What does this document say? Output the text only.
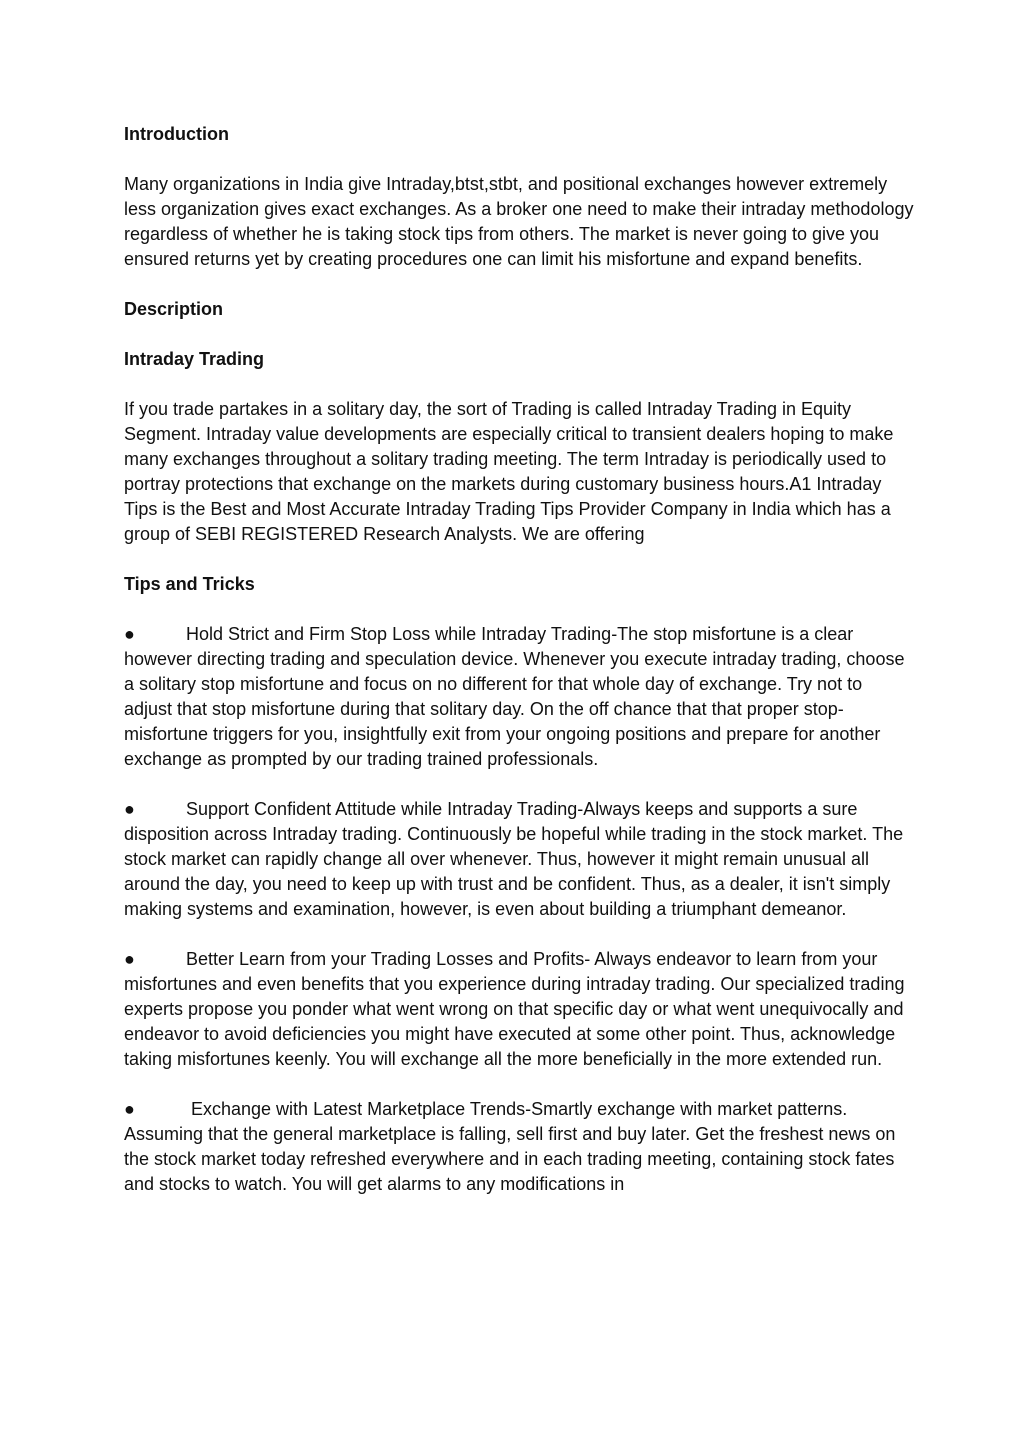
Introduction

Many organizations in India give Intraday,btst,stbt, and positional exchanges however extremely less organization gives exact exchanges. As a broker one need to make their intraday methodology regardless of whether he is taking stock tips from others. The market is never going to give you ensured returns yet by creating procedures one can limit his misfortune and expand benefits.

Description

Intraday Trading

If you trade partakes in a solitary day, the sort of Trading is called Intraday Trading in Equity Segment. Intraday value developments are especially critical to transient dealers hoping to make many exchanges throughout a solitary trading meeting. The term Intraday is periodically used to portray protections that exchange on the markets during customary business hours.A1 Intraday Tips is the Best and Most Accurate Intraday Trading Tips Provider Company in India which has a group of SEBI REGISTERED Research Analysts. We are offering

Tips and Tricks

●	Hold Strict and Firm Stop Loss while Intraday Trading-The stop misfortune is a clear however directing trading and speculation device. Whenever you execute intraday trading, choose a solitary stop misfortune and focus on no different for that whole day of exchange. Try not to adjust that stop misfortune during that solitary day. On the off chance that that proper stop-misfortune triggers for you, insightfully exit from your ongoing positions and prepare for another exchange as prompted by our trading trained professionals.

●	Support Confident Attitude while Intraday Trading-Always keeps and supports a sure disposition across Intraday trading. Continuously be hopeful while trading in the stock market. The stock market can rapidly change all over whenever. Thus, however it might remain unusual all around the day, you need to keep up with trust and be confident. Thus, as a dealer, it isn't simply making systems and examination, however, is even about building a triumphant demeanor.

●	Better Learn from your Trading Losses and Profits- Always endeavor to learn from your misfortunes and even benefits that you experience during intraday trading. Our specialized trading experts propose you ponder what went wrong on that specific day or what went unequivocally and endeavor to avoid deficiencies you might have executed at some other point. Thus, acknowledge taking misfortunes keenly. You will exchange all the more beneficially in the more extended run.

●	Exchange with Latest Marketplace Trends-Smartly exchange with market patterns. Assuming that the general marketplace is falling, sell first and buy later. Get the freshest news on the stock market today refreshed everywhere and in each trading meeting, containing stock fates and stocks to watch. You will get alarms to any modifications in
